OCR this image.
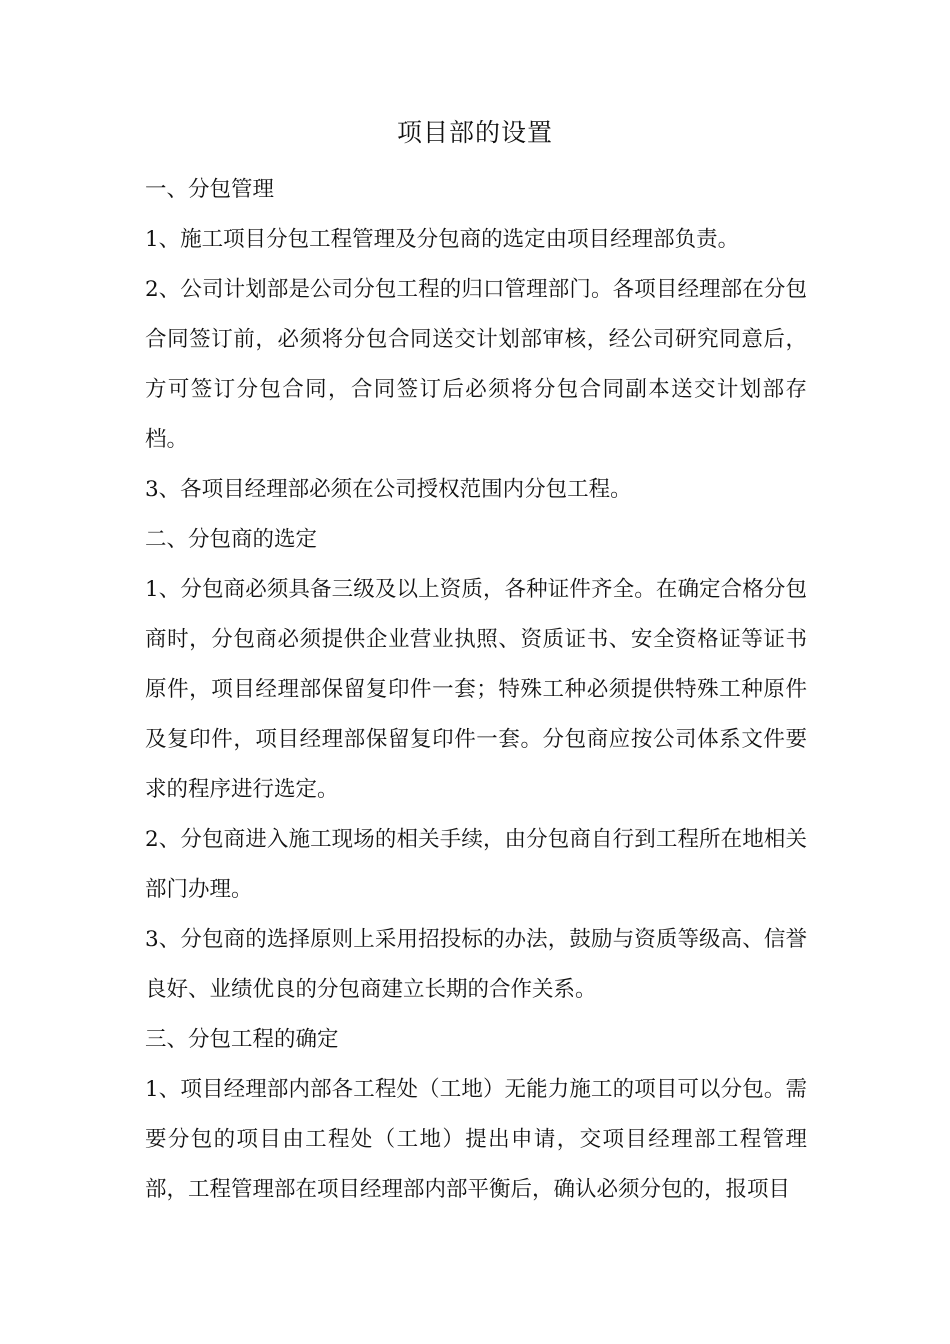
项目部的设置

一、分包管理

1、施工项目分包工程管理及分包商的选定由项目经理部负责。

2、公司计划部是公司分包工程的归口管理部门。各项目经理部在分包合同签订前，必须将分包合同送交计划部审核，经公司研究同意后，方可签订分包合同，合同签订后必须将分包合同副本送交计划部存档。

3、各项目经理部必须在公司授权范围内分包工程。

二、分包商的选定

1、分包商必须具备三级及以上资质，各种证件齐全。在确定合格分包商时，分包商必须提供企业营业执照、资质证书、安全资格证等证书原件，项目经理部保留复印件一套；特殊工种必须提供特殊工种原件及复印件，项目经理部保留复印件一套。分包商应按公司体系文件要求的程序进行选定。

2、分包商进入施工现场的相关手续，由分包商自行到工程所在地相关部门办理。

3、分包商的选择原则上采用招投标的办法，鼓励与资质等级高、信誉良好、业绩优良的分包商建立长期的合作关系。

三、分包工程的确定

1、项目经理部内部各工程处（工地）无能力施工的项目可以分包。需要分包的项目由工程处（工地）提出申请，交项目经理部工程管理部，工程管理部在项目经理部内部平衡后，确认必须分包的，报项目
